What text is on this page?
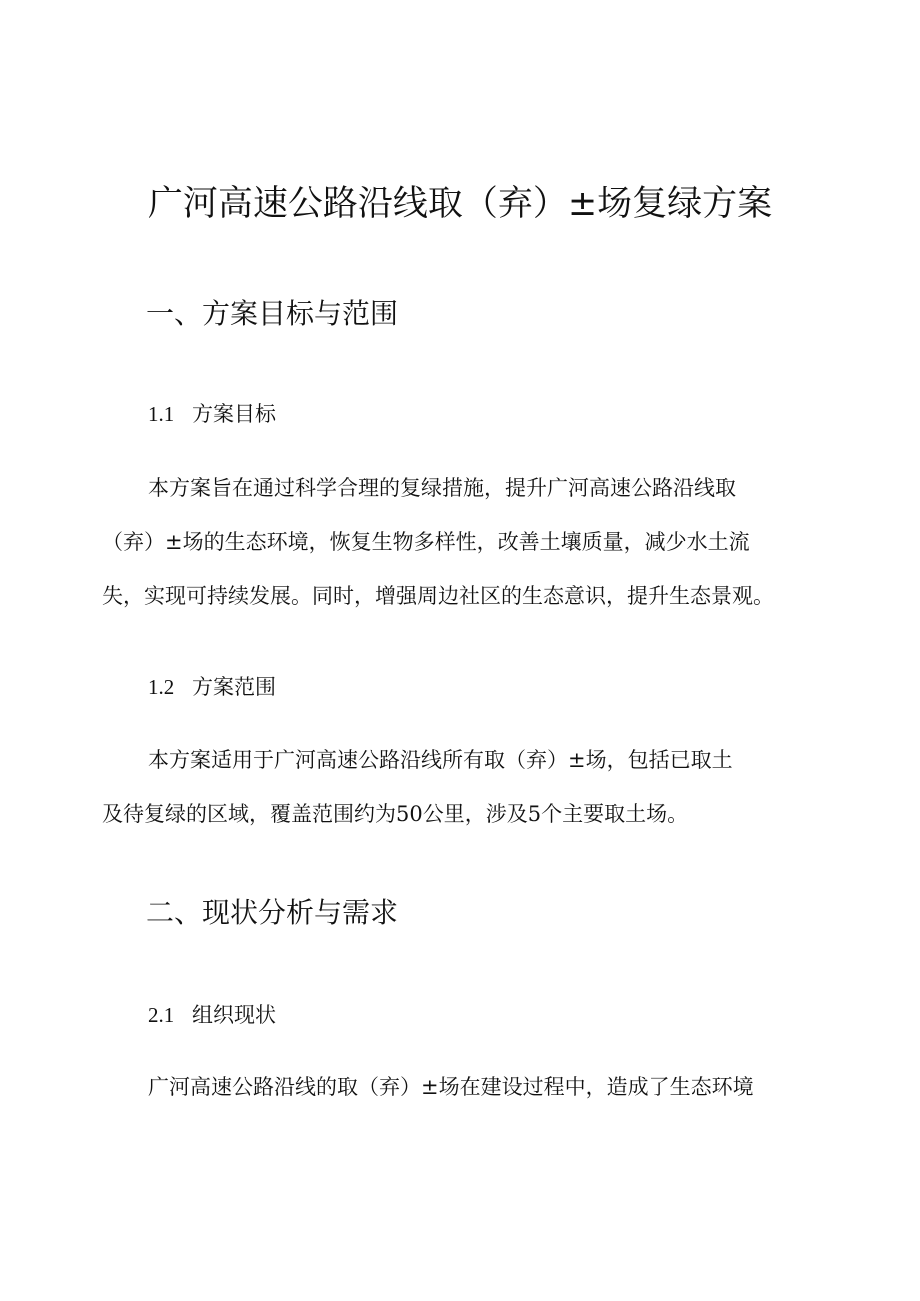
广河高速公路沿线取（弃）±场复绿方案
一、方案目标与范围
1.1 方案目标
本方案旨在通过科学合理的复绿措施，提升广河高速公路沿线取
（弃）±场的生态环境，恢复生物多样性，改善土壤质量，减少水土流
失，实现可持续发展。同时，增强周边社区的生态意识，提升生态景观。
1.2 方案范围
本方案适用于广河高速公路沿线所有取（弃）±场，包括已取土
及待复绿的区域，覆盖范围约为50公里，涉及5个主要取土场。
二、现状分析与需求
2.1 组织现状
广河高速公路沿线的取（弃）±场在建设过程中，造成了生态环境
